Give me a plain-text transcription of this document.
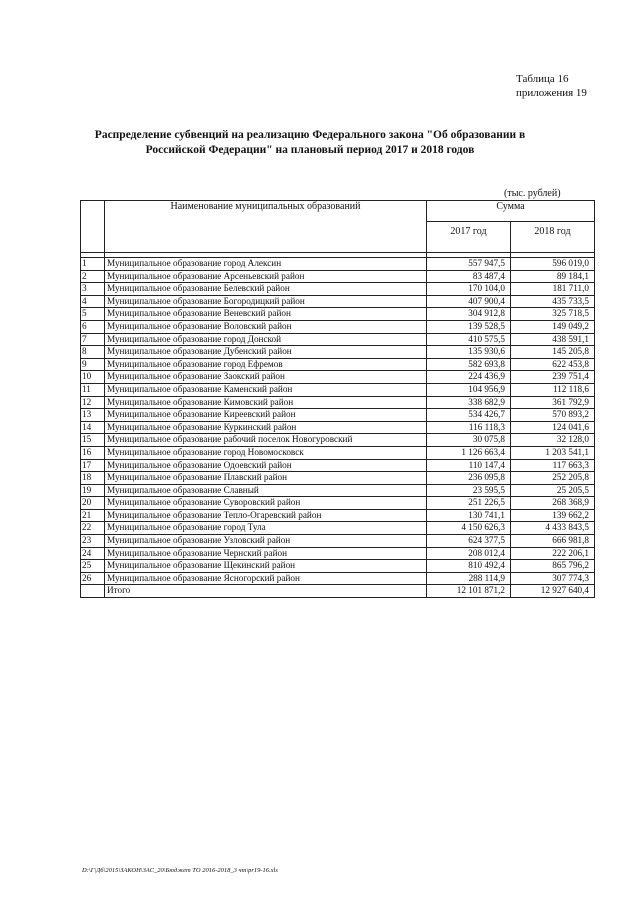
Таблица 16
приложения 19
Распределение субвенций на реализацию Федерального закона "Об образовании в
Российской Федерации" на плановый период 2017 и 2018 годов
(тыс. рублей)
	Наименование муниципальных образований	Сумма	
		2017 год	2018 год

1	Муниципальное образование город Алексин	557 947,5	596 019,0
2	Муниципальное образование Арсеньевский район	83 487,4	89 184,1
3	Муниципальное образование Белевский район	170 104,0	181 711,0
4	Муниципальное образование Богородицкий район	407 900,4	435 733,5
5	Муниципальное образование Веневский район	304 912,8	325 718,5
6	Муниципальное образование Воловский район	139 528,5	149 049,2
7	Муниципальное образование город Донской	410 575,5	438 591,1
8	Муниципальное образование Дубенский район	135 930,6	145 205,8
9	Муниципальное образование город Ефремов	582 693,8	622 453,8
10	Муниципальное образование Заокский район	224 436,9	239 751,4
11	Муниципальное образование Каменский район	104 956,9	112 118,6
12	Муниципальное образование Кимовский район	338 682,9	361 792,9
13	Муниципальное образование Киреевский район	534 426,7	570 893,2
14	Муниципальное образование Куркинский район	116 118,3	124 041,6
15	Муниципальное образование рабочий поселок Новогуровский	30 075,8	32 128,0
16	Муниципальное образование город Новомосковск	1 126 663,4	1 203 541,1
17	Муниципальное образование Одоевский район	110 147,4	117 663,3
18	Муниципальное образование Плавский район	236 095,8	252 205,8
19	Муниципальное образование Славный	23 595,5	25 205,5
20	Муниципальное образование Суворовский район	251 226,5	268 368,9
21	Муниципальное образование Тепло-Огаревский район	130 741,1	139 662,2
22	Муниципальное образование город Тула	4 150 626,3	4 433 843,5
23	Муниципальное образование Узловский район	624 377,5	666 981,8
24	Муниципальное образование Чернский район	208 012,4	222 206,1
25	Муниципальное образование Щекинский район	810 492,4	865 796,2
26	Муниципальное образование Ясногорский район	288 114,9	307 774,3
	Итого	12 101 871,2	12 927 640,4
D:\Г\Дб\2015\ЗАКОН\ЗАС_20\Бюджет ТО 2016-2018_3 чт\pr19-16.xls
